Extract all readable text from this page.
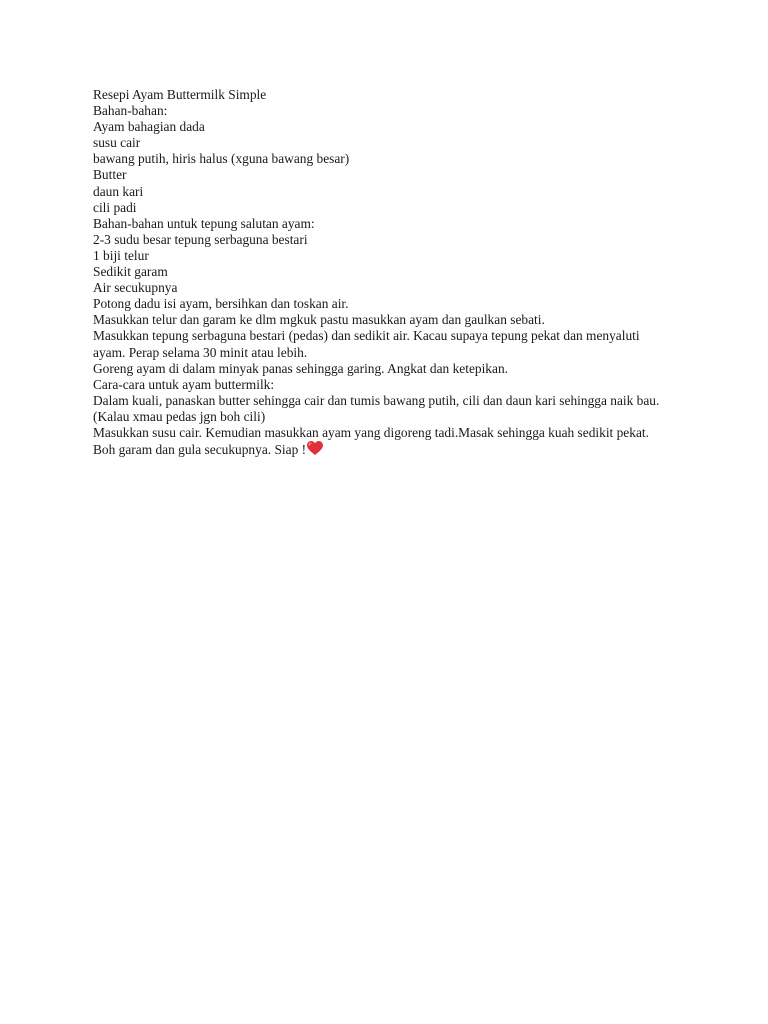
Resepi Ayam Buttermilk Simple
Bahan-bahan:
Ayam bahagian dada
susu cair
bawang putih, hiris halus (xguna bawang besar)
Butter
daun kari
cili padi
Bahan-bahan untuk tepung salutan ayam:
2-3 sudu besar tepung serbaguna bestari
1 biji telur
Sedikit garam
Air secukupnya
Potong dadu isi ayam, bersihkan dan toskan air.
Masukkan telur dan garam ke dlm mgkuk pastu masukkan ayam dan gaulkan sebati.
Masukkan tepung serbaguna bestari (pedas) dan sedikit air. Kacau supaya tepung pekat dan menyaluti ayam. Perap selama 30 minit atau lebih.
Goreng ayam di dalam minyak panas sehingga garing. Angkat dan ketepikan.
Cara-cara untuk ayam buttermilk:
Dalam kuali, panaskan butter sehingga cair dan tumis bawang putih, cili dan daun kari sehingga naik bau. (Kalau xmau pedas jgn boh cili)
Masukkan susu cair. Kemudian masukkan ayam yang digoreng tadi.Masak sehingga kuah sedikit pekat. Boh garam dan gula secukupnya. Siap !
